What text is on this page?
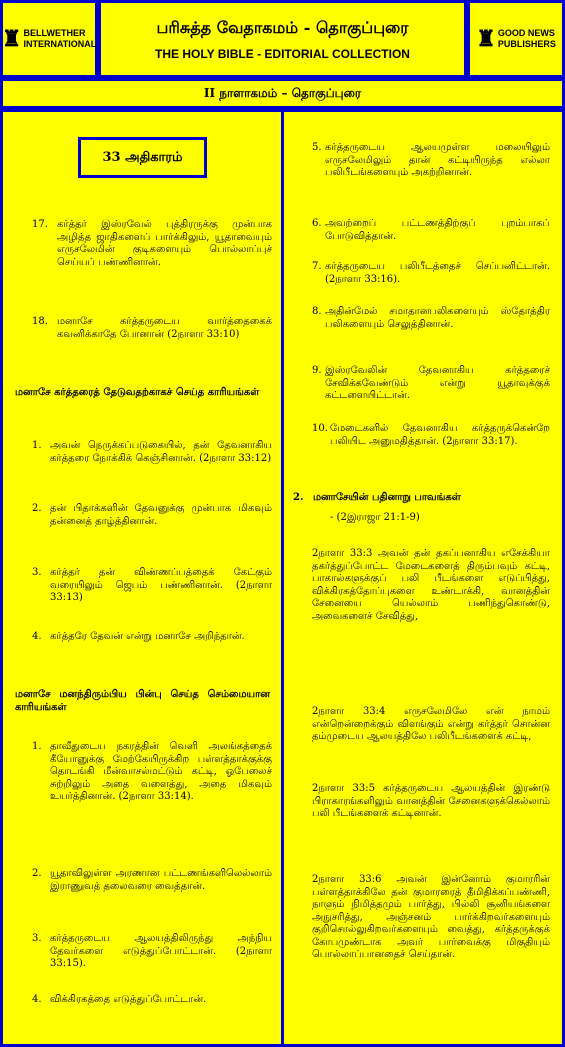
♜ BELLWETHER
INTERNATIONAL
பரிசுத்த வேதாகமம் - தொகுப்புரை
THE HOLY BIBLE - EDITORIAL COLLECTION
♜ GOOD NEWS
PUBLISHERS
II நாளாகமம் – தொகுப்புரை
33 அதிகாரம்
17. கர்த்தர் இஸ்ரவேல் புத்திரருக்கு முன்பாக அழித்த ஜாதிகளைப் பார்க்கிலும், யூதாவையும் எருசலேமின் குடிகளையும் பொல்லாப்புச் செய்யப் பண்ணினான்.
18. மனாசே கர்த்தருடைய வார்த்தைகைக் கவனிக்காதே போனான் (2நாளா 33:10)
மனாசே கர்த்தரைத் தேடுவதற்காகச் செய்த காரியங்கள்
1. அவன் நெருக்கப்படுகையில், தன் தேவனாகிய கர்த்தரை நோக்கிக் கெஞ்சினான். (2நாளா 33:12)
2. தன் பிதாக்களின் தேவனுக்கு முன்பாக மிகவும் தன்னைத் தாழ்த்தினான்.
3. கர்த்தர் தன் விண்ணப்பத்தைக் கேட்கும் வரையிலும் ஜெபம் பண்ணினான். (2நாளா 33:13)
4. கர்த்தரே தேவன் என்று மனாசே அறிந்தான்.
மனாசே மனந்திரும்பிய பின்பு செய்த செம்மையான காரியங்கள்
1. தாவீதுடைய நகரத்தின் வெளி அலங்கத்தைக் கீயோனுக்கு மேற்கேயிருக்கிற பள்ளத்தாக்குக்கு தொடங்கி மீன்வாசல்மட்டும் கட்டி, ஓபேலைச் சுற்றிலும் அதை வளைத்து, அதை மிகவும் உயர்த்தினான். (2நாளா 33:14).
2. யூதாவிலுள்ள அரணான பட்டணங்களிலெல்லாம் இராணுவத் தலைவரை வைத்தான்.
3. கர்த்தருடைய ஆலயத்திலிருந்து அந்நிய தேவர்களை எடுத்துப்போட்டான். (2நாளா 33:15).
4. விக்கிரகத்தை எடுத்துப்போட்டான்.
5. கர்த்தருடைய ஆலயமுள்ள மலையிலும் எருசலேமிலும் தான் கட்டியிருந்த எல்லா பலிபீடங்களையும் அகற்றினான்.
6. அவற்றைப் பட்டணத்திற்குப் புறம்பாகப் போடுவித்தான்.
7. கர்த்தருடைய பலிபீடத்தைச் செப்பனிட்டான். (2நாளா 33:16).
8. அதின்மேல் சமாதானபலிகளையும் ஸ்தோத்திர பலிகளையும் செலுத்தினான்.
9. இஸ்ரவேலின் தேவனாகிய கர்த்தரைச் சேவிக்கவேண்டும் என்று யூதாவுக்குக் கட்டளையிட்டான்.
10. மேடைகளில் தேவனாகிய கர்த்தருக்கென்றே பலியிட அனுமதித்தான். (2நாளா 33:17).
2. மனாசேயின் பதினாறு பாவங்கள்
- (2இராஜா 21:1-9)
2நாளா 33:3 அவன் தன் தகப்பனாகிய எசேக்கியா தகர்த்துப்போட்ட மேடைகளைத் திரும்பவும் கட்டி, பாகால்களுக்குப் பலி பீடங்களை எடுப்பித்து, விக்கிரகத்தோப்புகளை உண்டாக்கி, வானத்தின் சேனையை யெல்லாம் பணிந்துகொண்டு, அவைகளைச் சேவித்து,
2நாளா 33:4 எருசலேமிலே என் நாமம் என்றென்றைக்கும் விளங்கும் என்று கர்த்தர் சொன்ன தம்முடைய ஆலயத்திலே பலிபீடங்களைக் கட்டி,
2நாளா 33:5 கர்த்தருடைய ஆலயத்தின் இரண்டு பிராகாரங்களிலும் வானத்தின் சேனைகளுக்கெல்லாம் பலி பீடங்களைக் கட்டினான்.
2நாளா 33:6 அவன் இன்னோம் குமாரரின் பள்ளத்தாக்கிலே தன் குமாரரைத் தீமிதிக்கப்பண்ணி, நாளும் நிமித்தமும் பார்த்து, பில்லி சூனியங்களை அநுசரித்து, அஞ்சனம் பார்க்கிறவர்களையும் குறிசொல்லுகிறவர்களையும் வைத்து, கர்த்தருக்குக் கோபமுண்டாக அவர் பார்வைக்கு மிகுதியும் பொல்லாப்பானதைச் செய்தான்.
